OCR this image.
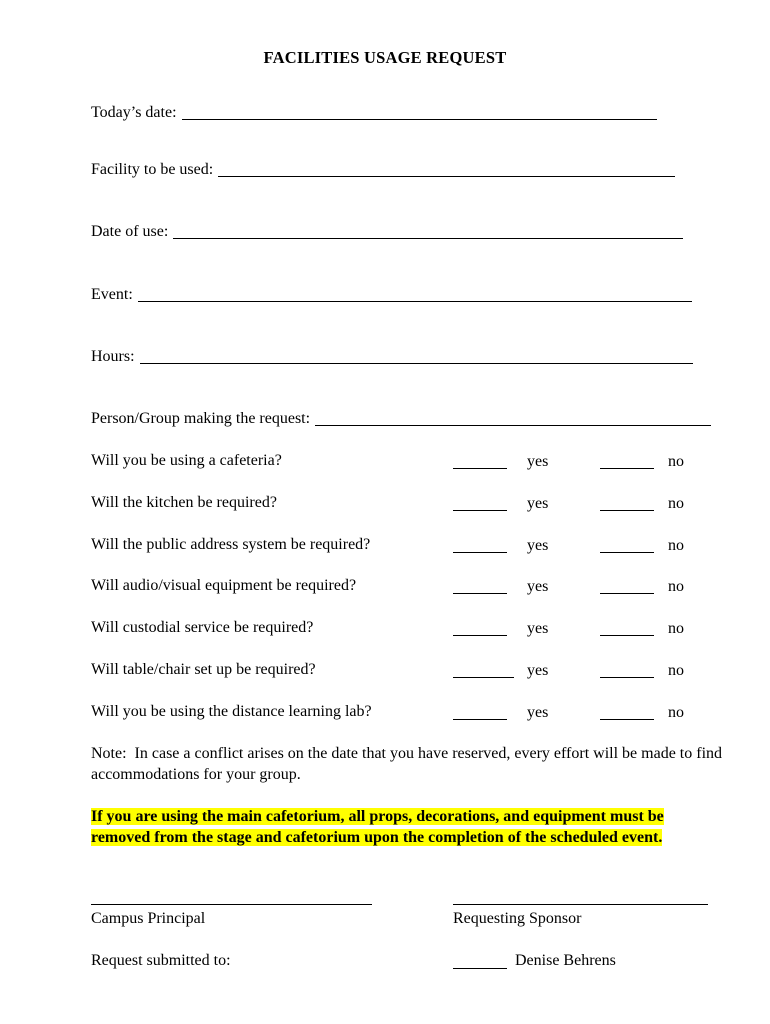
FACILITIES USAGE REQUEST
Today’s date:
Facility to be used:
Date of use:
Event:
Hours:
Person/Group making the request:
Will you be using a cafeteria?	yes	no
Will the kitchen be required?	yes	no
Will the public address system be required?	yes	no
Will audio/visual equipment be required?	yes	no
Will custodial service be required?	yes	no
Will table/chair set up be required?	yes	no
Will you be using the distance learning lab?	yes	no
Note:  In case a conflict arises on the date that you have reserved, every effort will be made to find accommodations for your group.
If you are using the main cafetorium, all props, decorations, and equipment must be
removed from the stage and cafetorium upon the completion of the scheduled event.
Campus Principal	Requesting Sponsor
Request submitted to:	Denise Behrens
